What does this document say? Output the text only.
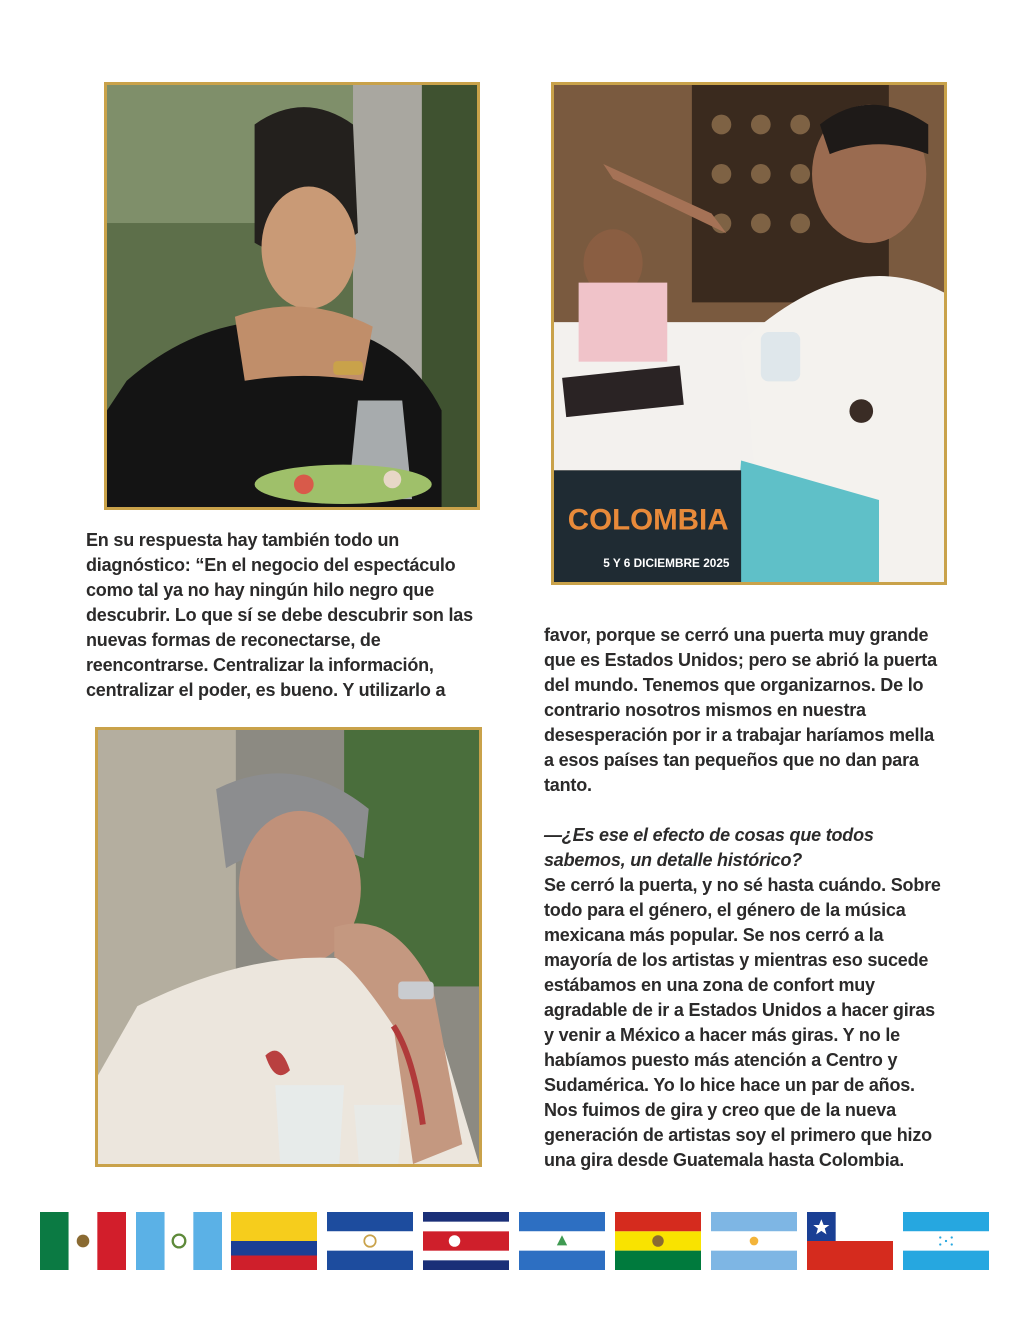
COLOMBIA
5 Y 6 DICIEMBRE 2025
En su respuesta hay también todo un
diagnóstico: “En el negocio del espectáculo
como tal ya no hay ningún hilo negro que
descubrir. Lo que sí se debe descubrir son las
nuevas formas de reconectarse, de
reencontrarse. Centralizar la información,
centralizar el poder, es bueno. Y utilizarlo a
favor, porque se cerró una puerta muy grande
que es Estados Unidos; pero se abrió la puerta
del mundo. Tenemos que organizarnos. De lo
contrario nosotros mismos en nuestra
desesperación por ir a trabajar haríamos mella
a esos países tan pequeños que no dan para
tanto.
—¿Es ese el efecto de cosas que todos
sabemos, un detalle histórico?
Se cerró la puerta, y no sé hasta cuándo. Sobre
todo para el género, el género de la música
mexicana más popular. Se nos cerró a la
mayoría de los artistas y mientras eso sucede
estábamos en una zona de confort muy
agradable de ir a Estados Unidos a hacer giras
y venir a México a hacer más giras. Y no le
habíamos puesto más atención a Centro y
Sudamérica. Yo lo hice hace un par de años.
Nos fuimos de gira y creo que de la nueva
generación de artistas soy el primero que hizo
una gira desde Guatemala hasta Colombia.
